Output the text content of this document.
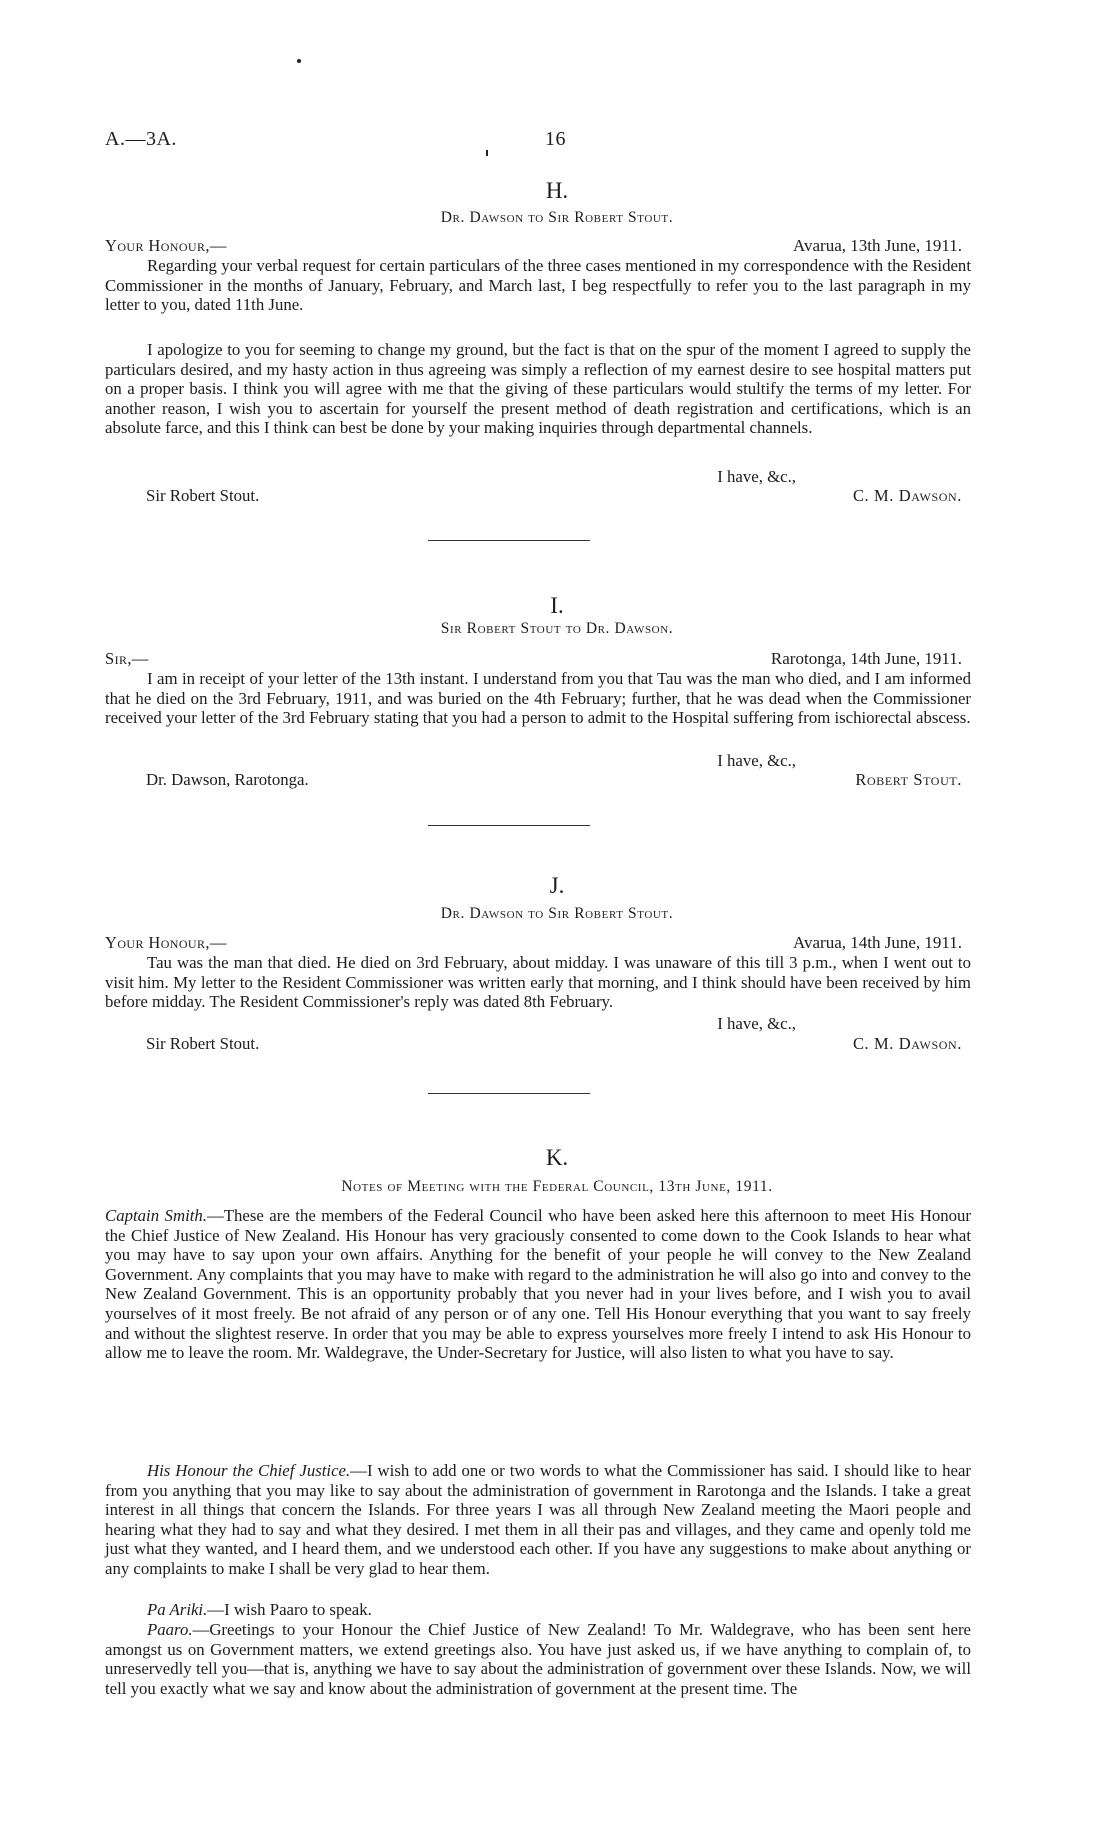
A.—3A.	16
H.
Dr. Dawson to Sir Robert Stout.
Your Honour,—	Avarua, 13th June, 1911.

Regarding your verbal request for certain particulars of the three cases mentioned in my correspondence with the Resident Commissioner in the months of January, February, and March last, I beg respectfully to refer you to the last paragraph in my letter to you, dated 11th June.

I apologize to you for seeming to change my ground, but the fact is that on the spur of the moment I agreed to supply the particulars desired, and my hasty action in thus agreeing was simply a reflection of my earnest desire to see hospital matters put on a proper basis. I think you will agree with me that the giving of these particulars would stultify the terms of my letter. For another reason, I wish you to ascertain for yourself the present method of death registration and certifications, which is an absolute farce, and this I think can best be done by your making inquiries through departmental channels.

I have, &c.,
Sir Robert Stout.	C. M. Dawson.
I.
Sir Robert Stout to Dr. Dawson.
Sir,—	Rarotonga, 14th June, 1911.

I am in receipt of your letter of the 13th instant. I understand from you that Tau was the man who died, and I am informed that he died on the 3rd February, 1911, and was buried on the 4th February; further, that he was dead when the Commissioner received your letter of the 3rd February stating that you had a person to admit to the Hospital suffering from ischiorectal abscess.

I have, &c.,
Dr. Dawson, Rarotonga.	Robert Stout.
J.
Dr. Dawson to Sir Robert Stout.
Your Honour,—	Avarua, 14th June, 1911.

Tau was the man that died. He died on 3rd February, about midday. I was unaware of this till 3 p.m., when I went out to visit him. My letter to the Resident Commissioner was written early that morning, and I think should have been received by him before midday. The Resident Commissioner's reply was dated 8th February.

I have, &c.,
Sir Robert Stout.	C. M. Dawson.
K.
Notes of Meeting with the Federal Council, 13th June, 1911.

Captain Smith.—These are the members of the Federal Council who have been asked here this afternoon to meet His Honour the Chief Justice of New Zealand. His Honour has very graciously consented to come down to the Cook Islands to hear what you may have to say upon your own affairs. Anything for the benefit of your people he will convey to the New Zealand Government. Any complaints that you may have to make with regard to the administration he will also go into and convey to the New Zealand Government. This is an opportunity probably that you never had in your lives before, and I wish you to avail yourselves of it most freely. Be not afraid of any person or of any one. Tell His Honour everything that you want to say freely and without the slightest reserve. In order that you may be able to express yourselves more freely I intend to ask His Honour to allow me to leave the room. Mr. Waldegrave, the Under-Secretary for Justice, will also listen to what you have to say.

His Honour the Chief Justice.—I wish to add one or two words to what the Commissioner has said. I should like to hear from you anything that you may like to say about the administration of government in Rarotonga and the Islands. I take a great interest in all things that concern the Islands. For three years I was all through New Zealand meeting the Maori people and hearing what they had to say and what they desired. I met them in all their pas and villages, and they came and openly told me just what they wanted, and I heard them, and we understood each other. If you have any suggestions to make about anything or any complaints to make I shall be very glad to hear them.

Pa Ariki.—I wish Paaro to speak.

Paaro.—Greetings to your Honour the Chief Justice of New Zealand! To Mr. Waldegrave, who has been sent here amongst us on Government matters, we extend greetings also. You have just asked us, if we have anything to complain of, to unreservedly tell you—that is, anything we have to say about the administration of government over these Islands. Now, we will tell you exactly what we say and know about the administration of government at the present time. The
